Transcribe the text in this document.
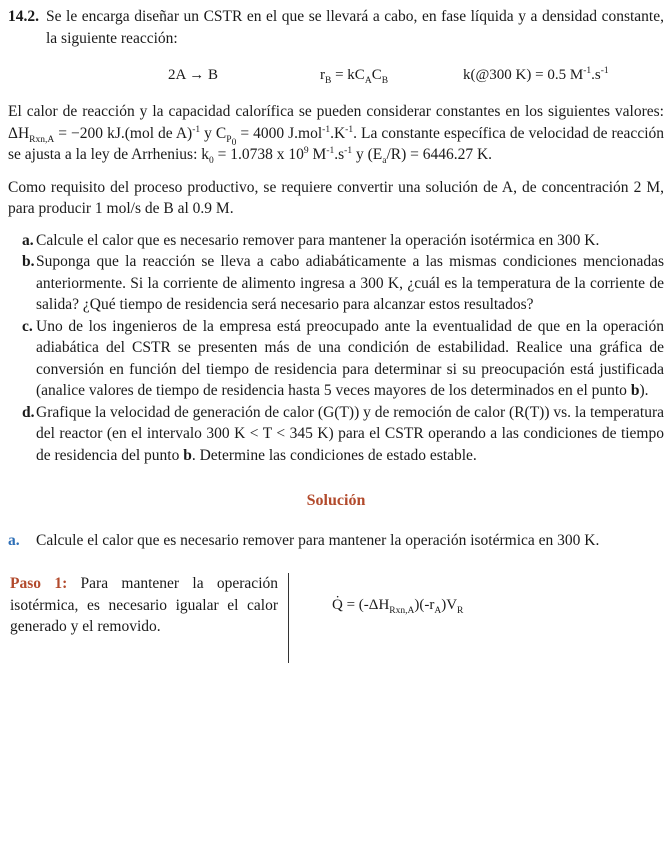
14.2. Se le encarga diseñar un CSTR en el que se llevará a cabo, en fase líquida y a densidad constante, la siguiente reacción:
2A → B	$r_B = kC_AC_B$	k(@300 K) = 0.5 $M^{-1}.s^{-1}$

El calor de reacción y la capacidad calorífica se pueden considerar constantes en los siguientes valores: $\Delta H_{Rxn,A} = -200$ kJ.(mol de A)$^{-1}$ y $C_{P_0} = 4000$ $J.mol^{-1}.K^{-1}$. La constante específica de velocidad de reacción se ajusta a la ley de Arrhenius: $k_0 = 1.0738$ x $10^9$ $M^{-1}.s^{-1}$ y $(E_a/R) = 6446.27$ K.

Como requisito del proceso productivo, se requiere convertir una solución de A, de concentración 2 M, para producir 1 mol/s de B al 0.9 M.

a. Calcule el calor que es necesario remover para mantener la operación isotérmica en 300 K.
b. Suponga que la reacción se lleva a cabo adiabáticamente a las mismas condiciones mencionadas anteriormente. Si la corriente de alimento ingresa a 300 K, ¿cuál es la temperatura de la corriente de salida? ¿Qué tiempo de residencia será necesario para alcanzar estos resultados?
c. Uno de los ingenieros de la empresa está preocupado ante la eventualidad de que en la operación adiabática del CSTR se presenten más de una condición de estabilidad. Realice una gráfica de conversión en función del tiempo de residencia para determinar si su preocupación está justificada (analice valores de tiempo de residencia hasta 5 veces mayores de los determinados en el punto b).
d. Grafique la velocidad de generación de calor (G(T)) y de remoción de calor (R(T)) vs. la temperatura del reactor (en el intervalo 300 K < T < 345 K) para el CSTR operando a las condiciones de tiempo de residencia del punto b. Determine las condiciones de estado estable.
Solución
a. Calcule el calor que es necesario remover para mantener la operación isotérmica en 300 K.
Paso 1: Para mantener la operación isotérmica, es necesario igualar el calor generado y el removido.
Q̇ = $(-\Delta H_{Rxn,A})(-r_A)V_R$
